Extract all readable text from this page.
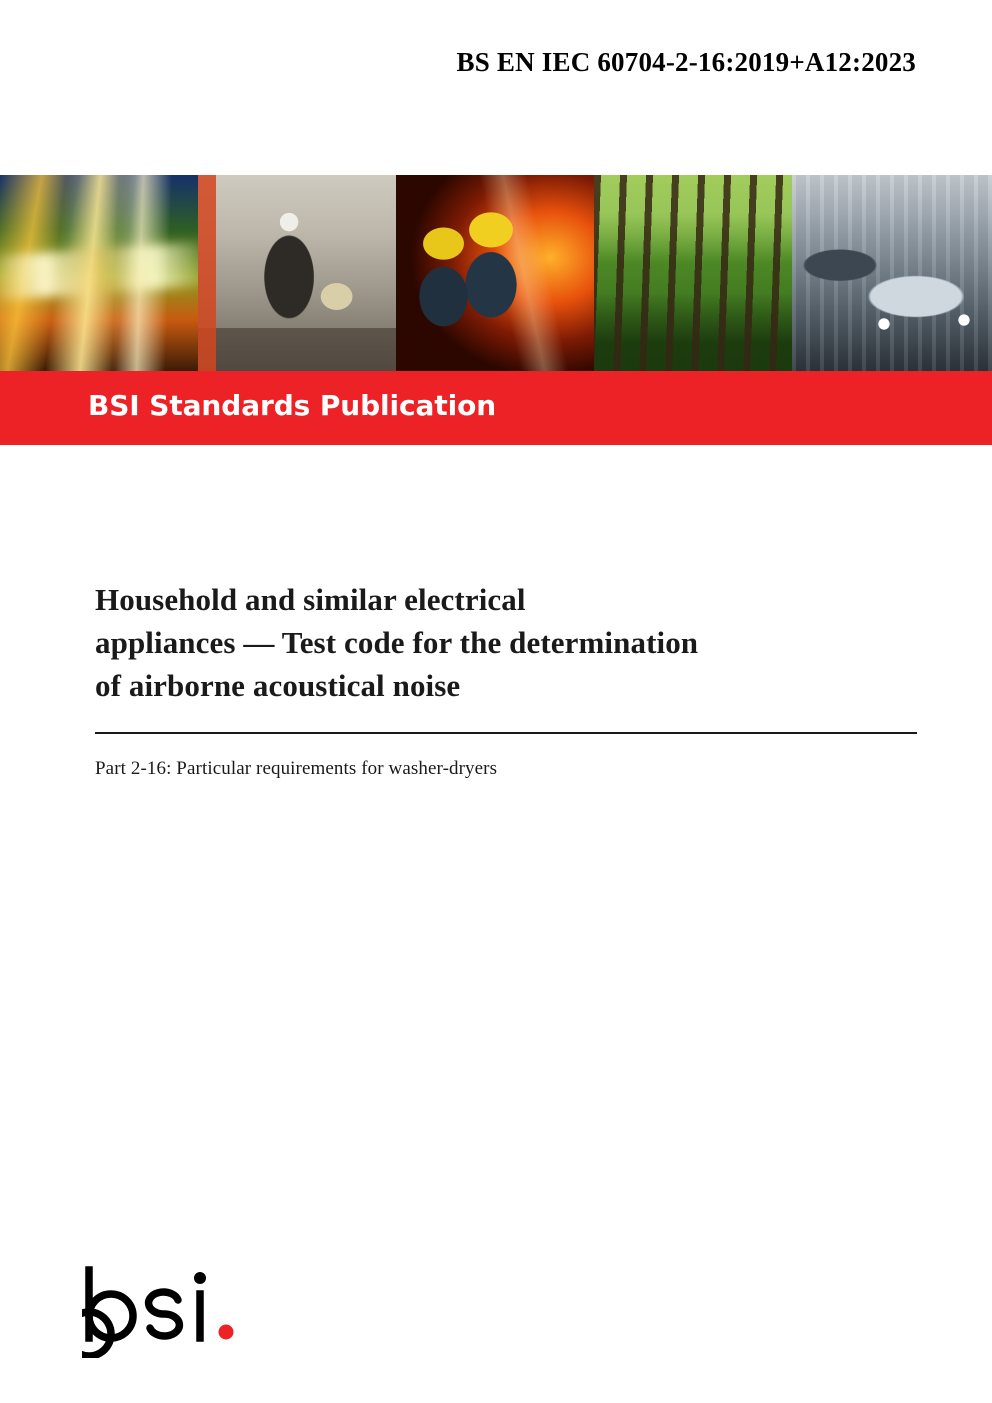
BS EN IEC 60704-2-16:2019+A12:2023
BSI Standards Publication
Household and similar electrical
appliances — Test code for the determination
of airborne acoustical noise
Part 2-16: Particular requirements for washer-dryers
